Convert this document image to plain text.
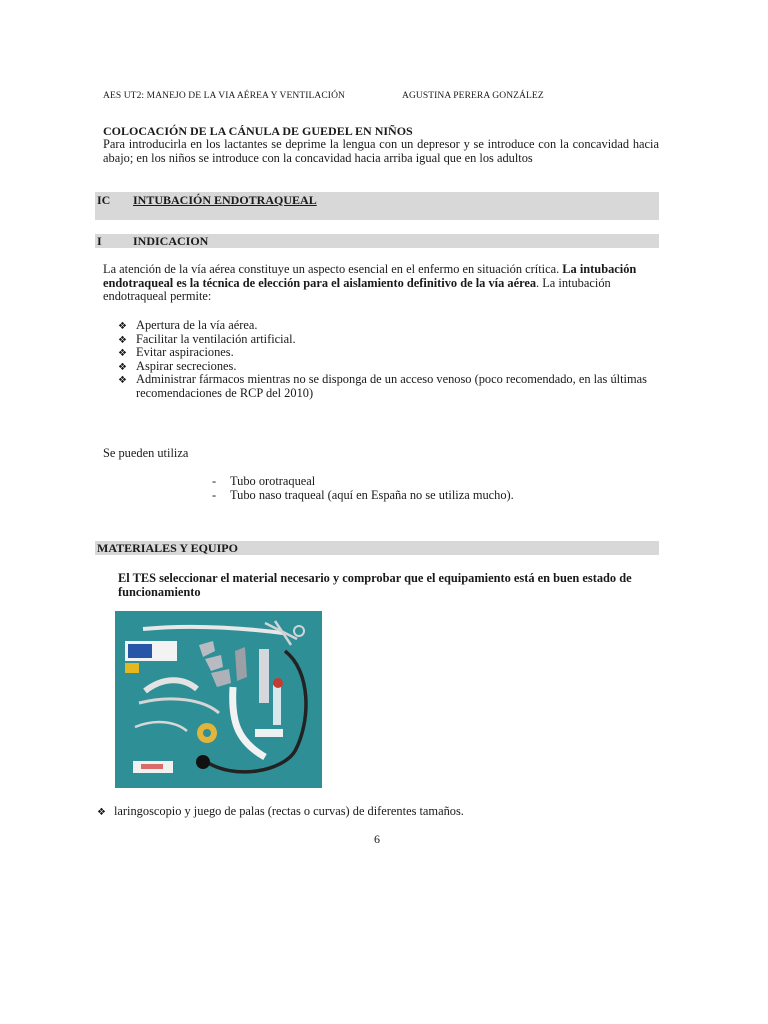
AES UT2: MANEJO DE LA VIA AÉREA Y VENTILACIÓN	AGUSTINA PERERA GONZÁLEZ
COLOCACIÓN DE LA CÁNULA DE GUEDEL EN NIÑOS

Para introducirla en los lactantes se deprime la lengua con un depresor y se introduce con la concavidad hacia abajo; en los niños se introduce con la concavidad hacia arriba igual que en los adultos

IC INTUBACIÓN ENDOTRAQUEAL
I	INDICACION

La atención de la vía aérea constituye un aspecto esencial en el enfermo en situación crítica. La intubación endotraqueal es la técnica de elección para el aislamiento definitivo de la vía aérea. La intubación endotraqueal permite:

❖ Apertura de la vía aérea.
❖ Facilitar la ventilación artificial.
❖ Evitar aspiraciones.
❖ Aspirar secreciones.
❖ Administrar fármacos mientras no se disponga de un acceso venoso (poco recomendado, en las últimas recomendaciones de RCP del 2010)
Se pueden utiliza
- Tubo orotraqueal
- Tubo naso traqueal (aquí en España no se utiliza mucho).
MATERIALES Y EQUIPO

El TES seleccionar el material necesario y comprobar que el equipamiento está en buen estado de funcionamiento

❖ laringoscopio y juego de palas (rectas o curvas) de diferentes tamaños.
6
